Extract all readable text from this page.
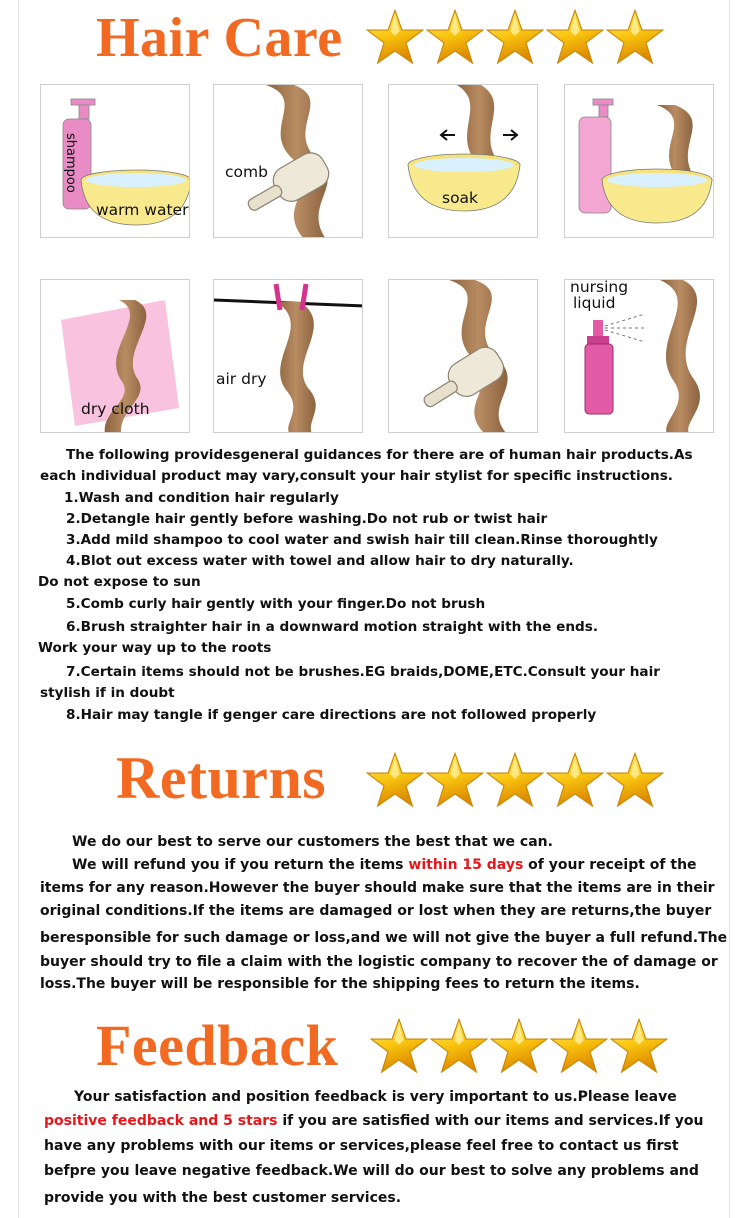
Hair Care
shampoo
warm water
comb
soak
dry cloth
air dry
nursing
liquid
The following providesgeneral guidances for there are of human hair products.As
each individual product may vary,consult your hair stylist for specific instructions.
1.Wash and condition hair regularly
2.Detangle hair gently before washing.Do not rub or twist hair
3.Add mild shampoo to cool water and swish hair till clean.Rinse thoroughtly
4.Blot out excess water with towel and allow hair to dry naturally.
Do not expose to sun
5.Comb curly hair gently with your finger.Do not brush
6.Brush straighter hair in a downward motion straight with the ends.
Work your way up to the roots
7.Certain items should not be brushes.EG braids,DOME,ETC.Consult your hair
stylish if in doubt
8.Hair may tangle if genger care directions are not followed properly
Returns
We do our best to serve our customers the best that we can.
We will refund you if you return the items within 15 days of your receipt of the
items for any reason.However the buyer should make sure that the items are in their
original conditions.If the items are damaged or lost when they are returns,the buyer
beresponsible for such damage or loss,and we will not give the buyer a full refund.The
buyer should try to file a claim with the logistic company to recover the of damage or
loss.The buyer will be responsible for the shipping fees to return the items.
Feedback
Your satisfaction and position feedback is very important to us.Please leave
positive feedback and 5 stars if you are satisfied with our items and services.If you
have any problems with our items or services,please feel free to contact us first
befpre you leave negative feedback.We will do our best to solve any problems and
provide you with the best customer services.
